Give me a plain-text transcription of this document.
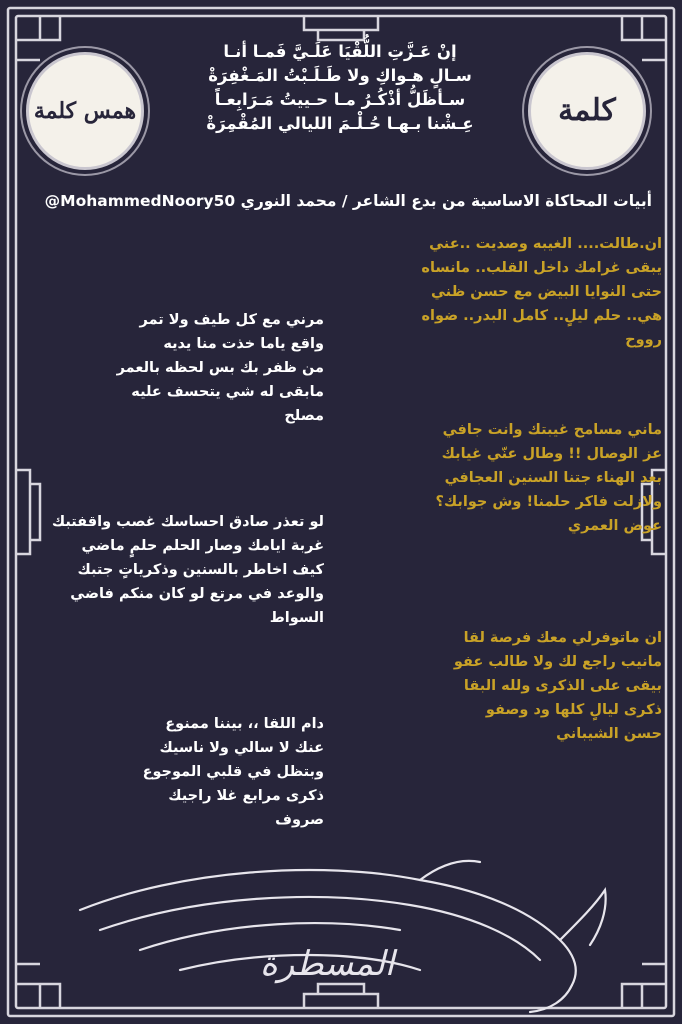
كلمة
همس كلمة
إنْ عَـزَّتِ اللُّقْيَا عَلَـيَّ فَمـا أنـا
سـالٍ هـواكِ ولا طَـلَـبْتُ المَـغْفِرَةْ
سـأظَلُّ أذْكُـرُ مـا حـييتُ مَـرَابِعـاً
عِـشْنا بـهـا حُـلْـمَ الليالي المُقْمِرَةْ
أبيات المحاكاة الاساسية من بدع الشاعر / محمد النوري @MohammedNoory50
ان.طالت.... الغيبه وصديت ..عني
يبقى غرامك داخل القلب.. مانساه
حتى النوايا البيض مع حسن ظني
هي.. حلم ليلٍ.. كامل البدر.. ضواه
رووح
ماني مسامح غيبتك وانت جافي
عز الوصال !! وطال عنّي غيابك
بعد الهناء جتنا السنين العجافي
ولازلت فاكر حلمنا! وش جوابك؟
عوض العمري
ان ماتوفرلي معك فرصة لقا
مانيب راجع لك ولا طالب عفو
بيقى على الذكرى ولله البقا
ذكرى ليالٍ كلها ود وصفو
حسن الشيباني
مرني مع كل طيف ولا تمر
واقع ياما خذت منا يديه
من ظفر بك بس لحظه بالعمر
مابقى له شي يتحسف عليه
مصلح
لو تعذر صادق احساسك غصب واقفتبك
غربة ايامك وصار الحلم حلمٍ ماضي
كيف اخاطر بالسنين وذكرياتٍ جتبك
والوعد في مرتع لو كان منكم فاضي
السواط
دام اللقا ،، بيننا ممنوع
عنك لا سالي ولا ناسيك
وبتظل في قلبي الموجوع
ذكرى مرابع غلا راجيك
صروف
المسطرة
